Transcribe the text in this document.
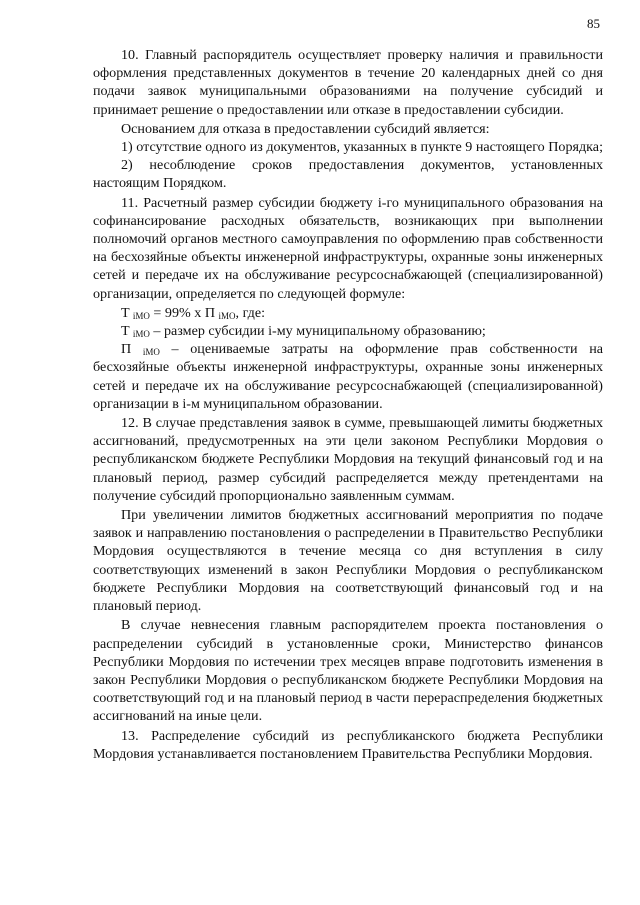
85

10. Главный распорядитель осуществляет проверку наличия и правильности оформления представленных документов в течение 20 календарных дней со дня подачи заявок муниципальными образованиями на получение субсидий и принимает решение о предоставлении или отказе в предоставлении субсидии.

Основанием для отказа в предоставлении субсидий является:

1) отсутствие одного из документов, указанных в пункте 9 настоящего Порядка;

2) несоблюдение сроков предоставления документов, установленных настоящим Порядком.

11. Расчетный размер субсидии бюджету i-го муниципального образования на софинансирование расходных обязательств, возникающих при выполнении полномочий органов местного самоуправления по оформлению прав собственности на бесхозяйные объекты инженерной инфраструктуры, охранные зоны инженерных сетей и передаче их на обслуживание ресурсоснабжающей (специализированной) организации, определяется по следующей формуле:

T $_{iMO}$ = 99% х П $_{iMO}$, где:

T $_{iMO}$ – размер субсидии i-му муниципальному образованию;

П $_{iMO}$ – оцениваемые затраты на оформление прав собственности на бесхозяйные объекты инженерной инфраструктуры, охранные зоны инженерных сетей и передаче их на обслуживание ресурсоснабжающей (специализированной) организации в i-м муниципальном образовании.

12. В случае представления заявок в сумме, превышающей лимиты бюджетных ассигнований, предусмотренных на эти цели законом Республики Мордовия о республиканском бюджете Республики Мордовия на текущий финансовый год и на плановый период, размер субсидий распределяется между претендентами на получение субсидий пропорционально заявленным суммам.

При увеличении лимитов бюджетных ассигнований мероприятия по подаче заявок и направлению постановления о распределении в Правительство Республики Мордовия осуществляются в течение месяца со дня вступления в силу соответствующих изменений в закон Республики Мордовия о республиканском бюджете Республики Мордовия на соответствующий финансовый год и на плановый период.

В случае невнесения главным распорядителем проекта постановления о распределении субсидий в установленные сроки, Министерство финансов Республики Мордовия по истечении трех месяцев вправе подготовить изменения в закон Республики Мордовия о республиканском бюджете Республики Мордовия на соответствующий год и на плановый период в части перераспределения бюджетных ассигнований на иные цели.

13. Распределение субсидий из республиканского бюджета Республики Мордовия устанавливается постановлением Правительства Республики Мордовия.
